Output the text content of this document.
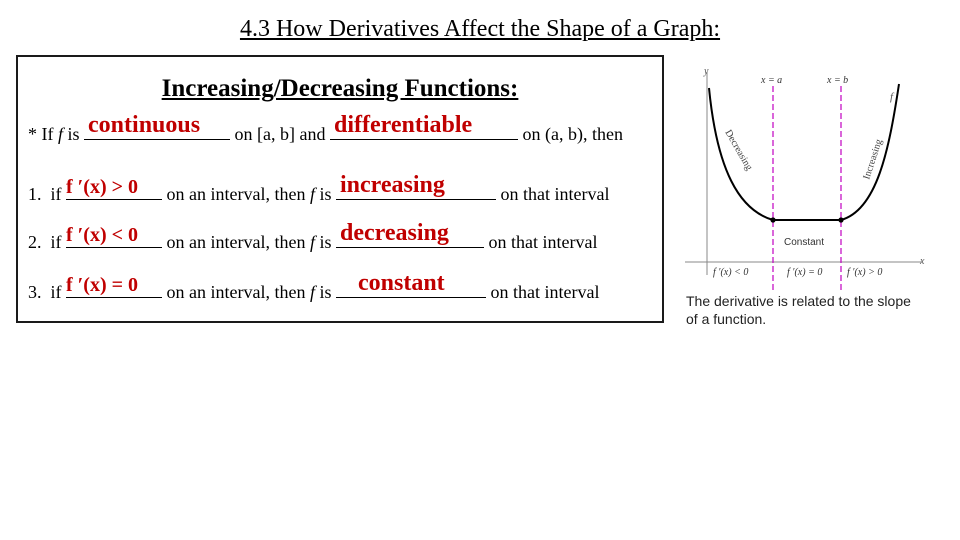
4.3 How Derivatives Affect the Shape of a Graph:
Increasing/Decreasing Functions:
* If f is continuous on [a, b] and differentiable	on (a, b), then
1. if f ′(x) > 0 on an interval, then f is increasing	on that interval
2. if f ′(x) < 0 on an interval, then f is decreasing on that interval
3. if f ′(x) = 0 on an interval, then f is constant	on that interval
y
x
x = a	x = b
f
Decreasing	Increasing
Constant
f ′(x) < 0	f ′(x) = 0 f ′(x) > 0
The derivative is related to the slope of a function.
